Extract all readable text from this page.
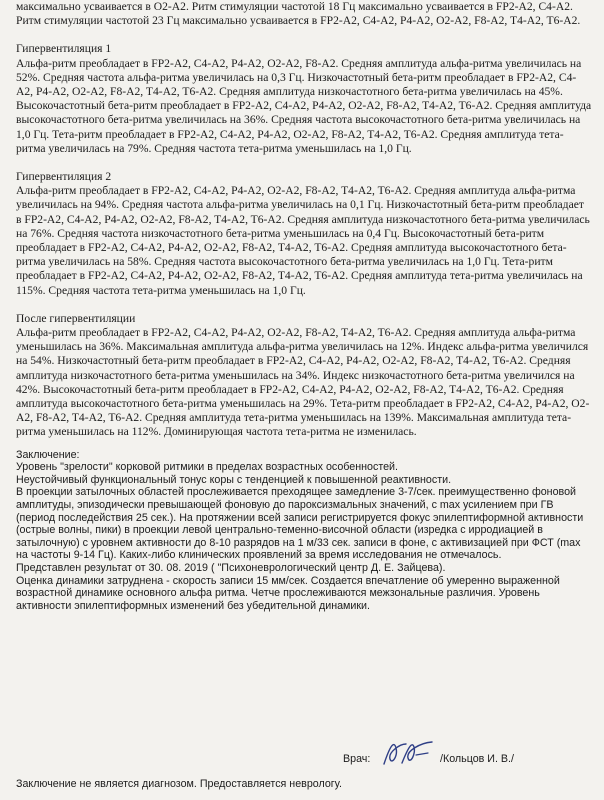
максимально усваивается в O2-A2. Ритм стимуляции частотой 18 Гц максимально усваивается в FP2-A2, C4-A2. Ритм стимуляции частотой 23 Гц максимально усваивается в FP2-A2, C4-A2, P4-A2, O2-A2, F8-A2, T4-A2, T6-A2.

Гипервентиляция 1

Альфа-ритм преобладает в FP2-A2, C4-A2, P4-A2, O2-A2, F8-A2. Средняя амплитуда альфа-ритма увеличилась на 52%. Средняя частота альфа-ритма увеличилась на 0,3 Гц. Низкочастотный бета-ритм преобладает в FP2-A2, C4-A2, P4-A2, O2-A2, F8-A2, T4-A2, T6-A2. Средняя амплитуда низкочастотного бета-ритма увеличилась на 45%. Высокочастотный бета-ритм преобладает в FP2-A2, C4-A2, P4-A2, O2-A2, F8-A2, T4-A2, T6-A2. Средняя амплитуда высокочастотного бета-ритма увеличилась на 36%. Средняя частота высокочастотного бета-ритма увеличилась на 1,0 Гц. Тета-ритм преобладает в FP2-A2, C4-A2, P4-A2, O2-A2, F8-A2, T4-A2, T6-A2. Средняя амплитуда тета-ритма увеличилась на 79%. Средняя частота тета-ритма уменьшилась на 1,0 Гц.

Гипервентиляция 2

Альфа-ритм преобладает в FP2-A2, C4-A2, P4-A2, O2-A2, F8-A2, T4-A2, T6-A2. Средняя амплитуда альфа-ритма увеличилась на 94%. Средняя частота альфа-ритма увеличилась на 0,1 Гц. Низкочастотный бета-ритм преобладает в FP2-A2, C4-A2, P4-A2, O2-A2, F8-A2, T4-A2, T6-A2. Средняя амплитуда низкочастотного бета-ритма увеличилась на 76%. Средняя частота низкочастотного бета-ритма уменьшилась на 0,4 Гц. Высокочастотный бета-ритм преобладает в FP2-A2, C4-A2, P4-A2, O2-A2, F8-A2, T4-A2, T6-A2. Средняя амплитуда высокочастотного бета-ритма увеличилась на 58%. Средняя частота высокочастотного бета-ритма увеличилась на 1,0 Гц. Тета-ритм преобладает в FP2-A2, C4-A2, P4-A2, O2-A2, F8-A2, T4-A2, T6-A2. Средняя амплитуда тета-ритма увеличилась на 115%. Средняя частота тета-ритма уменьшилась на 1,0 Гц.

После гипервентиляции

Альфа-ритм преобладает в FP2-A2, C4-A2, P4-A2, O2-A2, F8-A2, T4-A2, T6-A2. Средняя амплитуда альфа-ритма уменьшилась на 36%. Максимальная амплитуда альфа-ритма увеличилась на 12%. Индекс альфа-ритма увеличился на 54%. Низкочастотный бета-ритм преобладает в FP2-A2, C4-A2, P4-A2, O2-A2, F8-A2, T4-A2, T6-A2. Средняя амплитуда низкочастотного бета-ритма уменьшилась на 34%. Индекс низкочастотного бета-ритма увеличился на 42%. Высокочастотный бета-ритм преобладает в FP2-A2, C4-A2, P4-A2, O2-A2, F8-A2, T4-A2, T6-A2. Средняя амплитуда высокочастотного бета-ритма уменьшилась на 29%. Тета-ритм преобладает в FP2-A2, C4-A2, P4-A2, O2-A2, F8-A2, T4-A2, T6-A2. Средняя амплитуда тета-ритма уменьшилась на 139%. Максимальная амплитуда тета-ритма уменьшилась на 112%. Доминирующая частота тета-ритма не изменилась.

Заключение:

Уровень "зрелости" корковой ритмики в пределах возрастных особенностей.

Неустойчивый функциональный тонус коры с тенденцией к повышенной реактивности.

В проекции затылочных областей прослеживается преходящее замедление 3-7/сек. преимущественно фоновой амплитуды, эпизодически превышающей фоновую до пароксизмальных значений, с max усилением при ГВ (период последействия 25 сек.). На протяжении всей записи регистрируется фокус эпилептиформной активности (острые волны, пики) в проекции левой центрально-теменно-височной области (изредка с ирродиацией в затылочную) с уровнем активности до 8-10 разрядов на 1 м/33 сек. записи в фоне, с активизацией при ФСТ (max на частоты 9-14 Гц). Каких-либо клинических проявлений за время исследования не отмечалось.

Представлен результат от 30. 08. 2019 ( "Психоневрологический центр Д. Е. Зайцева).

Оценка динамики затруднена - скорость записи 15 мм/сек. Создается впечатление об умеренно выраженной возрастной динамике основного альфа ритма. Четче прослеживаются межзональные различия. Уровень активности эпилептиформных изменений без убедительной динамики.

Врач:	/Кольцов И. В./
Заключение не является диагнозом. Предоставляется неврологу.
